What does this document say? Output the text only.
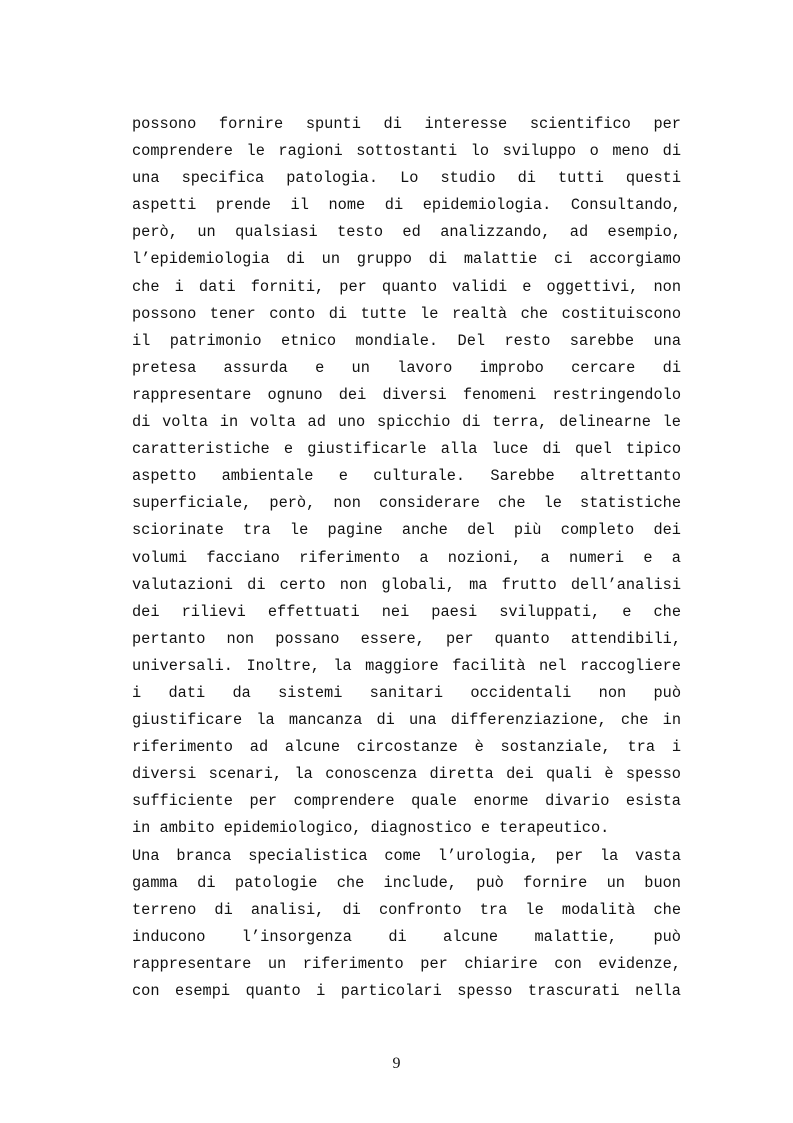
possono fornire spunti di interesse scientifico per
comprendere le ragioni sottostanti lo sviluppo o meno di
una specifica patologia. Lo studio di tutti questi
aspetti prende il nome di epidemiologia. Consultando,
però, un qualsiasi testo ed analizzando, ad esempio,
l’epidemiologia di un gruppo di malattie ci accorgiamo
che i dati forniti, per quanto validi e oggettivi, non
possono tener conto di tutte le realtà che costituiscono
il patrimonio etnico mondiale. Del resto sarebbe una
pretesa assurda e un lavoro improbo cercare di
rappresentare ognuno dei diversi fenomeni restringendolo
di volta in volta ad uno spicchio di terra, delinearne le
caratteristiche e giustificarle alla luce di quel tipico
aspetto ambientale e culturale. Sarebbe altrettanto
superficiale, però, non considerare che le statistiche
sciorinate tra le pagine anche del più completo dei
volumi facciano riferimento a nozioni, a numeri e a
valutazioni di certo non globali, ma frutto dell’analisi
dei rilievi effettuati nei paesi sviluppati, e che
pertanto non possano essere, per quanto attendibili,
universali. Inoltre, la maggiore facilità nel raccogliere
i dati da sistemi sanitari occidentali non può
giustificare la mancanza di una differenziazione, che in
riferimento ad alcune circostanze è sostanziale, tra i
diversi scenari, la conoscenza diretta dei quali è spesso
sufficiente per comprendere quale enorme divario esista
in ambito epidemiologico, diagnostico e terapeutico.
Una branca specialistica come l’urologia, per la vasta
gamma di patologie che include, può fornire un buon
terreno di analisi, di confronto tra le modalità che
inducono l’insorgenza di alcune malattie, può
rappresentare un riferimento per chiarire con evidenze,
con esempi quanto i particolari spesso trascurati nella
9
